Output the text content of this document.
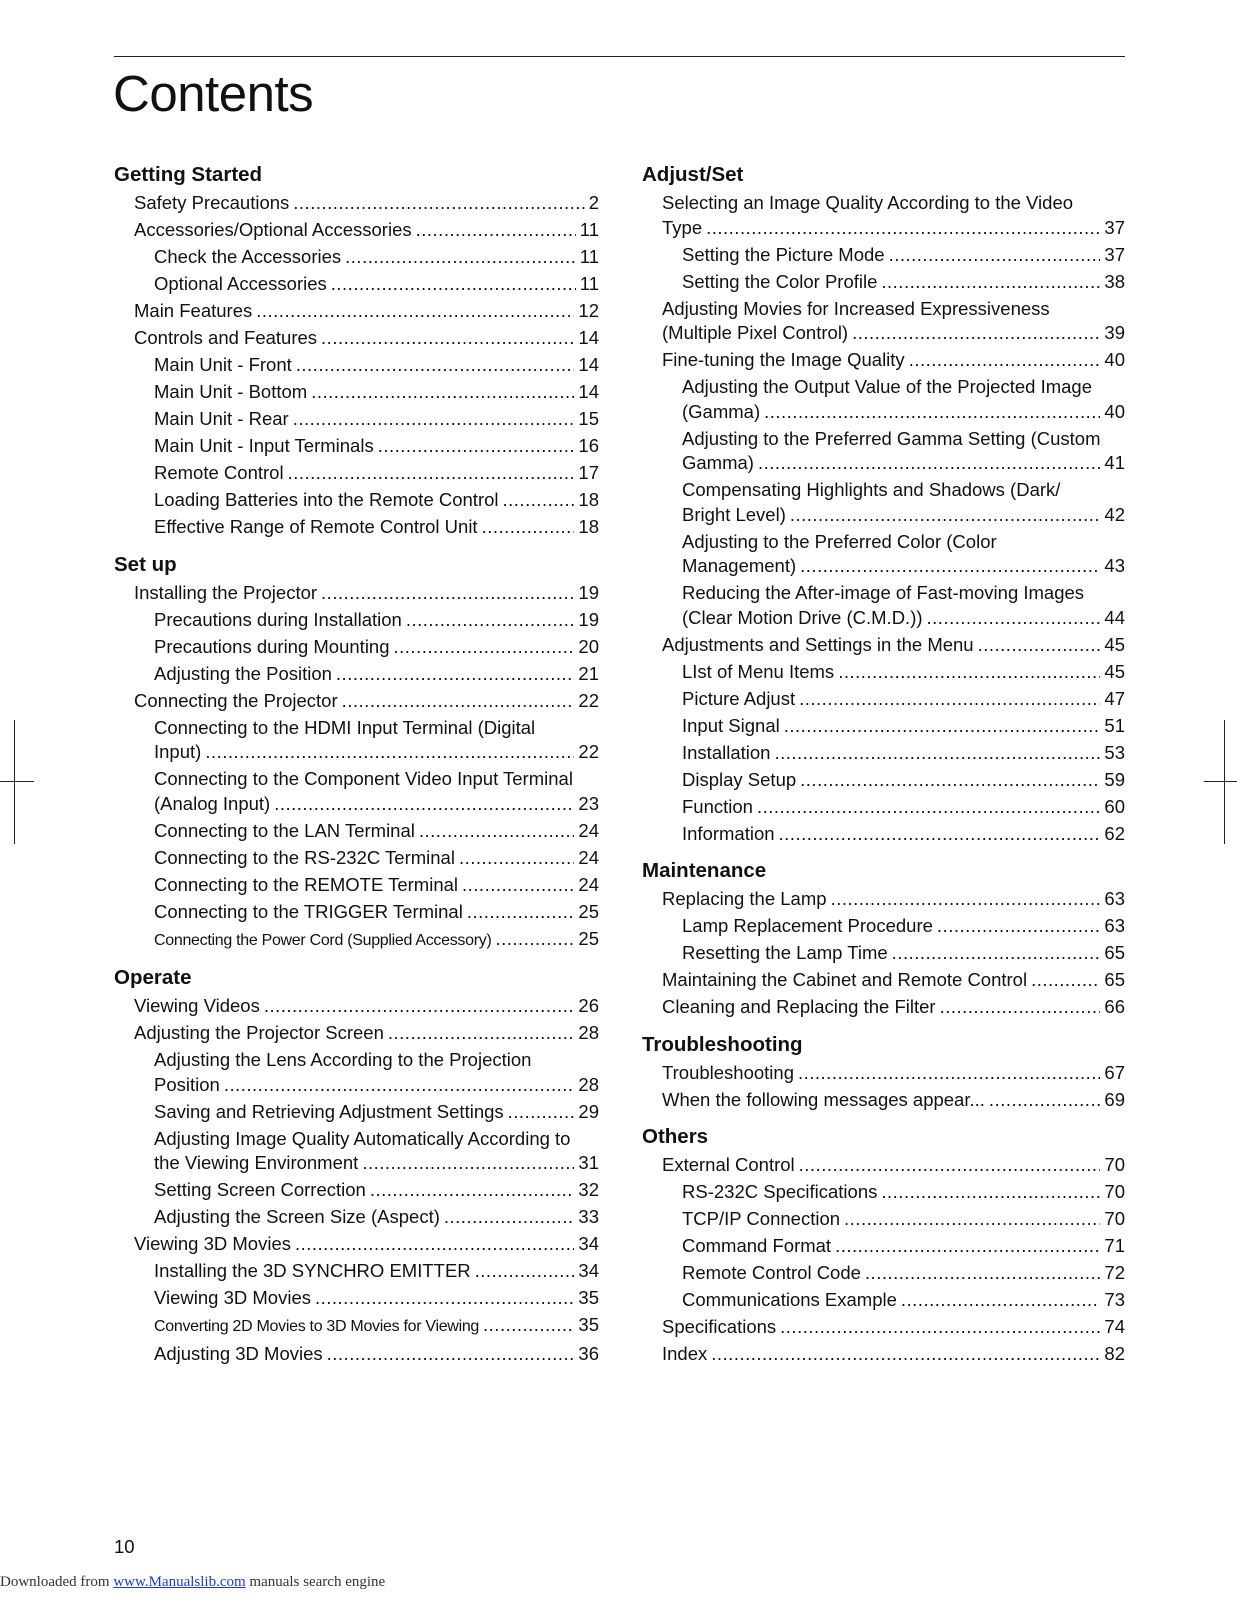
Contents
Getting Started
Safety Precautions .....	2
Accessories/Optional Accessories .....	11
Check the Accessories .....	11
Optional Accessories .....	11
Main Features .....	12
Controls and Features .....	14
Main Unit - Front .....	14
Main Unit - Bottom .....	14
Main Unit - Rear .....	15
Main Unit - Input Terminals .....	16
Remote Control .....	17
Loading Batteries into the Remote Control .....	18
Effective Range of Remote Control Unit .....	18
Set up
Installing the Projector .....	19
Precautions during Installation .....	19
Precautions during Mounting .....	20
Adjusting the Position .....	21
Connecting the Projector .....	22
Connecting to the HDMI Input Terminal (Digital
Input) .....	22
Connecting to the Component Video Input Terminal
(Analog Input) .....	23
Connecting to the LAN Terminal .....	24
Connecting to the RS-232C Terminal .....	24
Connecting to the REMOTE Terminal .....	24
Connecting to the TRIGGER Terminal .....	25
Connecting the Power Cord (Supplied Accessory) .....	25
Operate
Viewing Videos .....	26
Adjusting the Projector Screen .....	28
Adjusting the Lens According to the Projection
Position .....	28
Saving and Retrieving Adjustment Settings .....	29
Adjusting Image Quality Automatically According to
the Viewing Environment .....	31
Setting Screen Correction .....	32
Adjusting the Screen Size (Aspect) .....	33
Viewing 3D Movies .....	34
Installing the 3D SYNCHRO EMITTER .....	34
Viewing 3D Movies .....	35
Converting 2D Movies to 3D Movies for Viewing .....	35
Adjusting 3D Movies .....	36
Adjust/Set
Selecting an Image Quality According to the Video
Type .....	37
Setting the Picture Mode .....	37
Setting the Color Profile .....	38
Adjusting Movies for Increased Expressiveness
(Multiple Pixel Control) .....	39
Fine-tuning the Image Quality .....	40
Adjusting the Output Value of the Projected Image
(Gamma) .....	40
Adjusting to the Preferred Gamma Setting (Custom
Gamma) .....	41
Compensating Highlights and Shadows (Dark/
Bright Level) .....	42
Adjusting to the Preferred Color (Color
Management) .....	43
Reducing the After-image of Fast-moving Images
(Clear Motion Drive (C.M.D.)) .....	44
Adjustments and Settings in the Menu .....	45
LIst of Menu Items .....	45
Picture Adjust .....	47
Input Signal .....	51
Installation .....	53
Display Setup .....	59
Function .....	60
Information .....	62
Maintenance
Replacing the Lamp .....	63
Lamp Replacement Procedure .....	63
Resetting the Lamp Time .....	65
Maintaining the Cabinet and Remote Control .....	65
Cleaning and Replacing the Filter .....	66
Troubleshooting
Troubleshooting .....	67
When the following messages appear... .....	69
Others
External Control .....	70
RS-232C Specifications .....	70
TCP/IP Connection .....	70
Command Format .....	71
Remote Control Code .....	72
Communications Example .....	73
Specifications .....	74
Index .....	82
10
Downloaded from www.Manualslib.com manuals search engine
